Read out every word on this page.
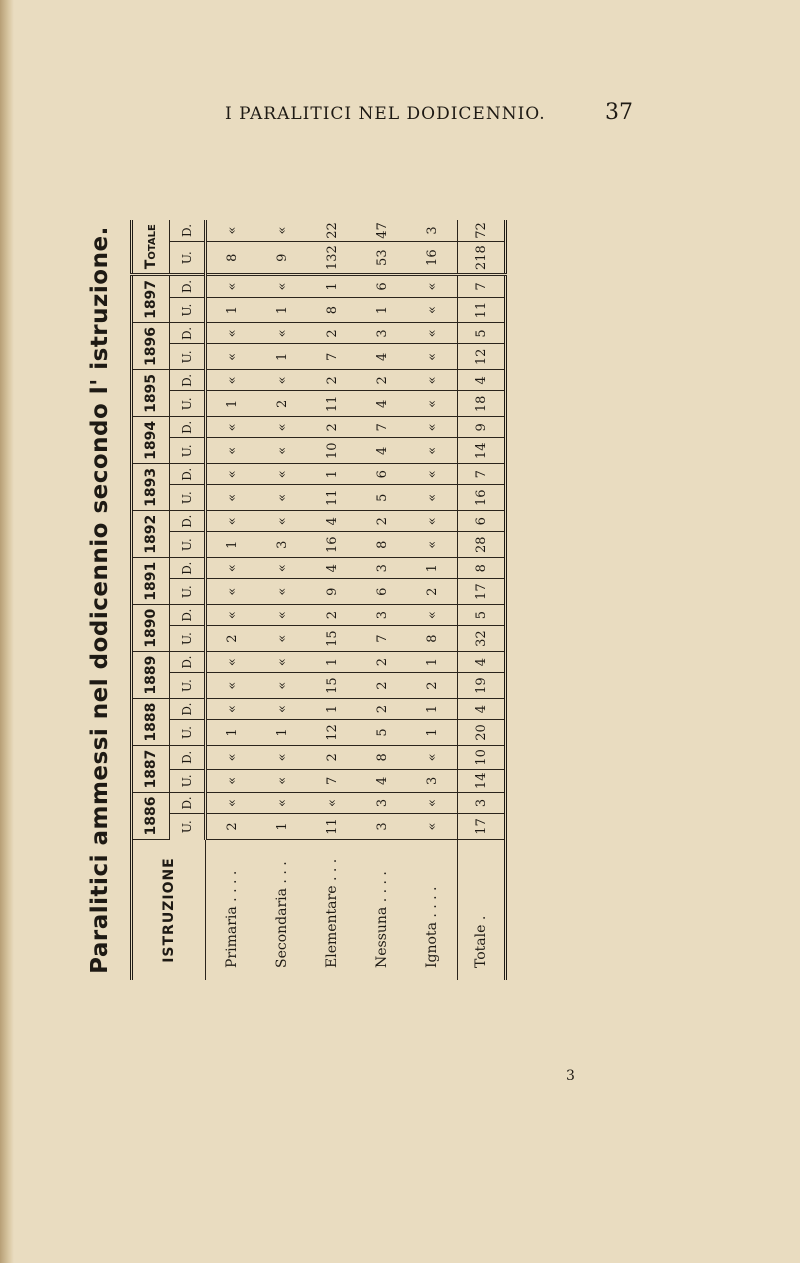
I PARALITICI NEL DODICENNIO.	37
Paralitici ammessi nel dodicennio secondo l' istruzione.	ISTRUZIONE	1886		1887		1888		1889		1890		1891		1892		1893		1894		1895		1896		1897		Totale	
	U.	D.	U.	D.	U.	D.	U.	D.	U.	D.	U.	D.	U.	D.	U.	D.	U.	D.	U.	D.	U.	D.	U.	D.	U.	D.
Primaria . . . .	2	«	«	«	1	«	«	«	2	«	«	«	1	«	«	«	«	«	1	«	«	«	1	«	8	«
Secondaria . . .	1	«	«	«	1	«	«	«	«	«	«	«	3	«	«	«	«	«	2	«	1	«	1	«	9	«
Elementare . . .	11	«	7	2	12	1	15	1	15	2	9	4	16	4	11	1	10	2	11	2	7	2	8	1	132	22
Nessuna . . . .	3	3	4	8	5	2	2	2	7	3	6	3	8	2	5	6	4	7	4	2	4	3	1	6	53	47
Ignota . . . .	«	«	3	«	1	1	2	1	8	«	2	1	«	«	«	«	«	«	«	«	«	«	«	«	16	3
Totale .	17	3	14	10	20	4	19	4	32	5	17	8	28	6	16	7	14	9	18	4	12	5	11	7	218	72
3
